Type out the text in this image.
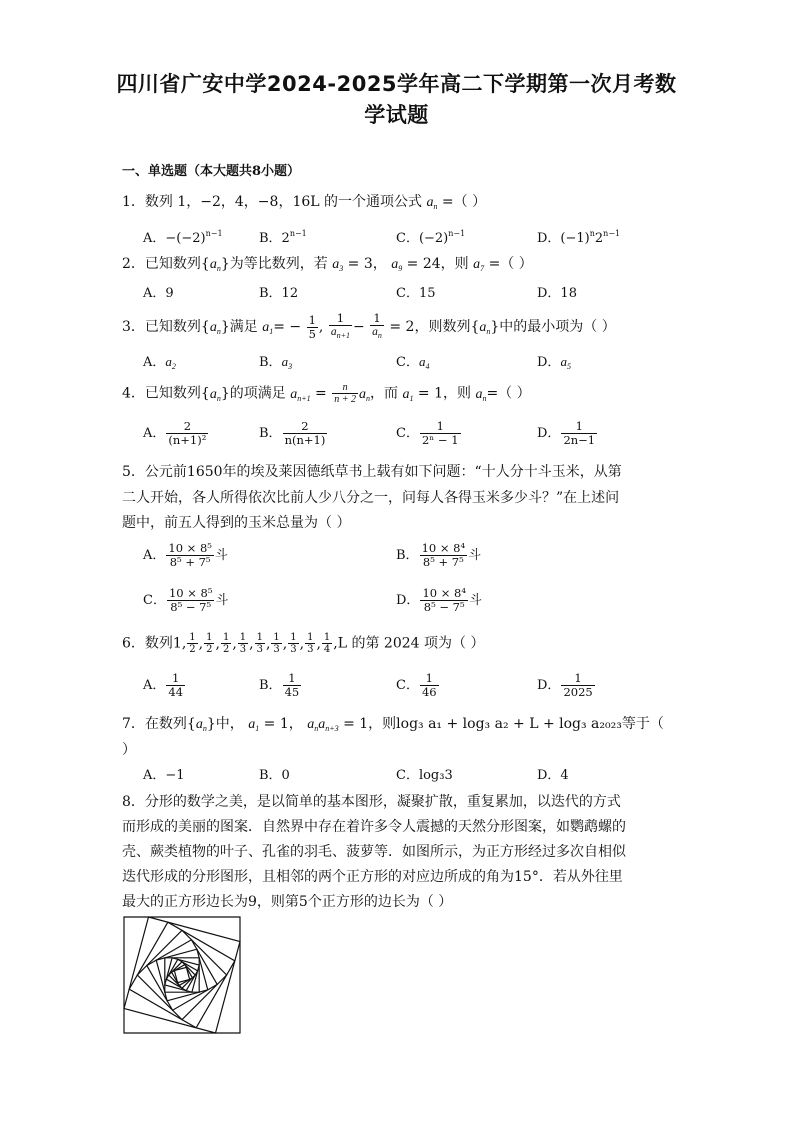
四川省广安中学2024-2025学年高二下学期第一次月考数
学试题
一、单选题（本大题共8小题）
1．数列 1，−2，4，−8，16L 的一个通项公式 $a_n$ =（ ）
A．$-(-2)^{n-1}$	B．$2^{n-1}$	C．$(-2)^{n-1}$	D．$(-1)^n2^{n-1}$
2．已知数列$\{a_n\}$为等比数列，若 $a_3 = 3$， $a_9 = 24$，则 $a_7$ =（ ）
A．9	B．12	C．15	D．18
3．已知数列$\{a_n\}$满足 $a_1= - \frac{1}{5}$ , $\frac{1}{a_{n+1}} - \frac{1}{a_n} = 2$，则数列$\{a_n\}$中的最小项为（ ）
A．$a_2$	B．$a_3$	C．$a_4$	D．$a_5$
4．已知数列$\{a_n\}$的项满足 $a_{n+1} = \frac{n}{n + 2} a_n$，而 $a_1 = 1$，则 $a_n=$（ ）
A． $\frac{2}{\text{(n+1)²}}$	B． $\frac{2}{n(n+1)}$	C． $\frac{1}{\text{2ⁿ − 1}}$	D． $\frac{1}{2n-1}$
5．公元前1650年的埃及莱因德纸草书上载有如下问题：“十人分十斗玉米，从第
二人开始，各人所得依次比前人少八分之一，问每人各得玉米多少斗？”在上述问
题中，前五人得到的玉米总量为（ ）
A． $\frac{\text{10 × 8⁵}}{\text{8⁵ + 7⁵}}$ 斗	B． $\frac{\text{10 × 8⁴}}{\text{8⁵ + 7⁵}}$ 斗
C． $\frac{\text{10 × 8⁵}}{\text{8⁵ − 7⁵}}$ 斗	D． $\frac{\text{10 × 8⁴}}{\text{8⁵ − 7⁵}}$ 斗
6．数列1, $\frac{1}{2}$ , $\frac{1}{2}$ , $\frac{1}{2}$ , $\frac{1}{3}$ , $\frac{1}{3}$ , $\frac{1}{3}$ , $\frac{1}{3}$ , $\frac{1}{3}$ , $\frac{1}{4} ,L$ 的第 2024 项为（ ）
A． $\frac{1}{44}$	B． $\frac{1}{45}$	C． $\frac{1}{46}$	D． $\frac{1}{2025}$
7．在数列$\{a_n\}$中， $a_1 = 1$， $a_na_{n+3} = 1$，则log₃ a₁ + log₃ a₂ + L + log₃ a₂₀₂₃等于（
）
A．−1	B．0	C．log₃3	D．4
8．分形的数学之美，是以简单的基本图形，凝聚扩散，重复累加，以迭代的方式
而形成的美丽的图案．自然界中存在着许多令人震撼的天然分形图案，如鹦鹉螺的
壳、蕨类植物的叶子、孔雀的羽毛、菠萝等．如图所示，为正方形经过多次自相似
迭代形成的分形图形，且相邻的两个正方形的对应边所成的角为15°．若从外往里
最大的正方形边长为9，则第5个正方形的边长为（ ）
